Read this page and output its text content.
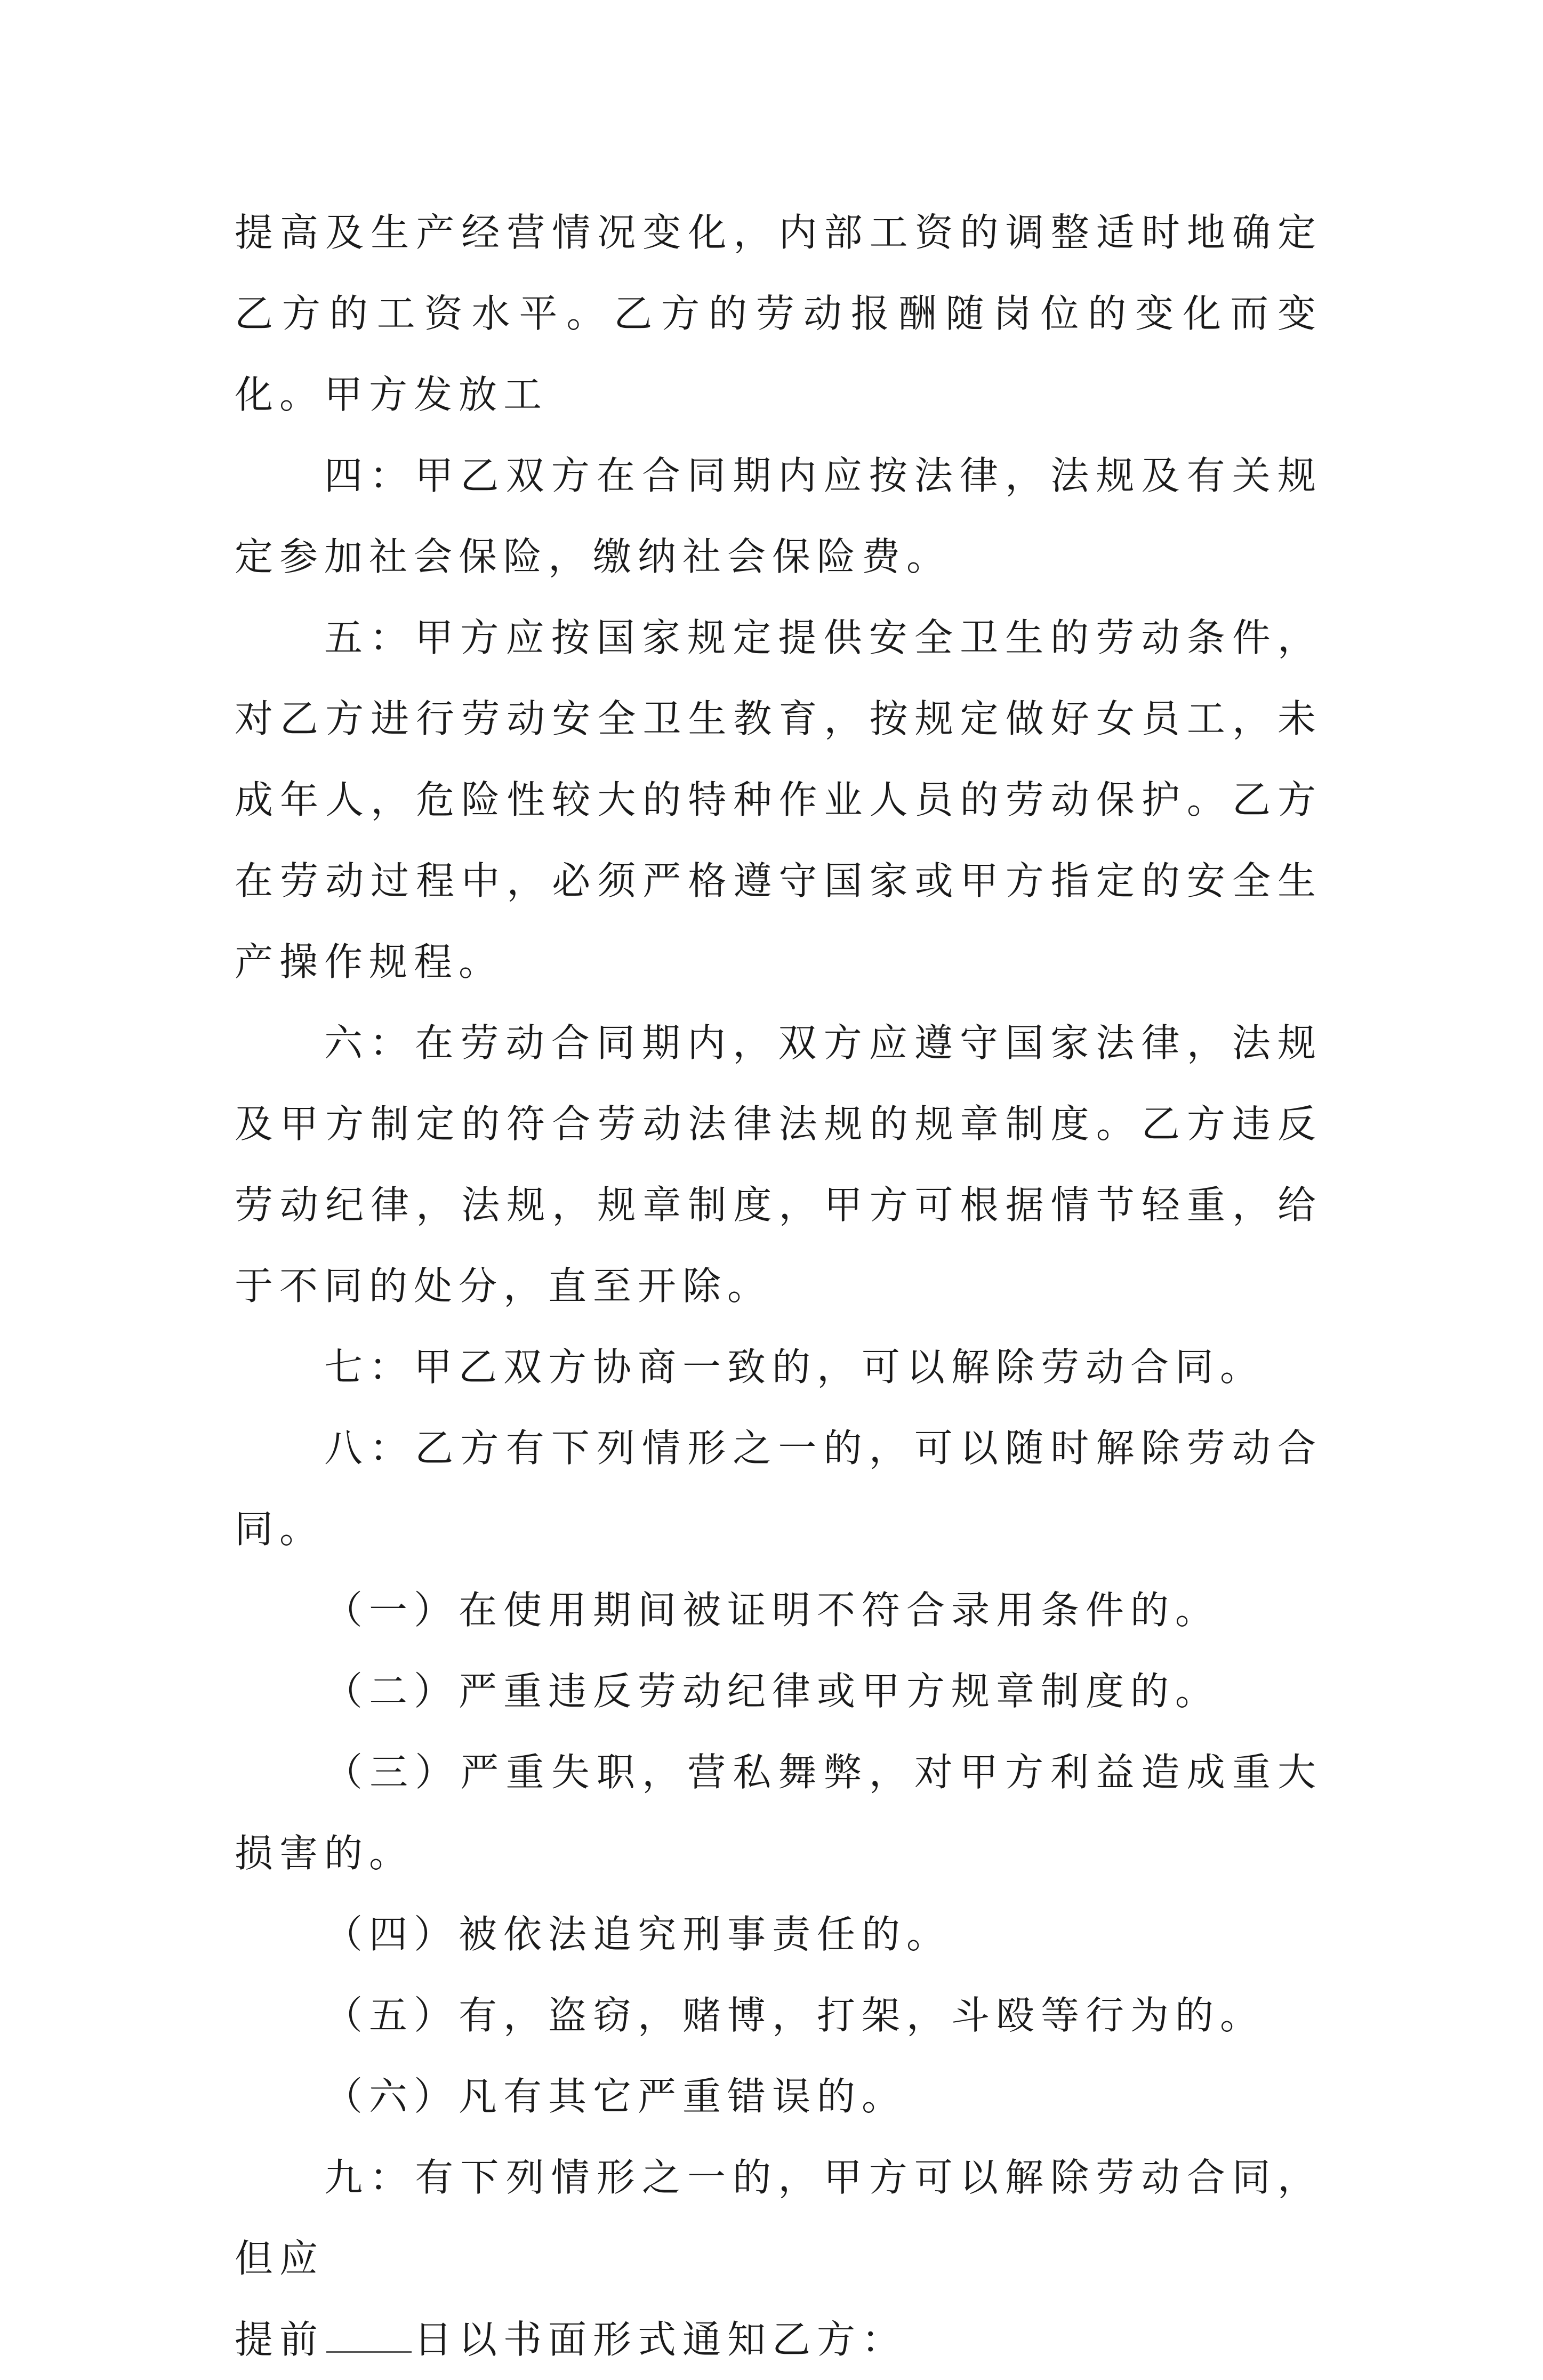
提高及生产经营情况变化，内部工资的调整适时地确定乙方的工资水平。乙方的劳动报酬随岗位的变化而变化。甲方发放工

四：甲乙双方在合同期内应按法律，法规及有关规定参加社会保险，缴纳社会保险费。

五：甲方应按国家规定提供安全卫生的劳动条件，对乙方进行劳动安全卫生教育，按规定做好女员工，未成年人，危险性较大的特种作业人员的劳动保护。乙方在劳动过程中，必须严格遵守国家或甲方指定的安全生产操作规程。

六：在劳动合同期内，双方应遵守国家法律，法规及甲方制定的符合劳动法律法规的规章制度。乙方违反劳动纪律，法规，规章制度，甲方可根据情节轻重，给于不同的处分，直至开除。

七：甲乙双方协商一致的，可以解除劳动合同。

八：乙方有下列情形之一的，可以随时解除劳动合同。

（一）在使用期间被证明不符合录用条件的。

（二）严重违反劳动纪律或甲方规章制度的。

（三）严重失职，营私舞弊，对甲方利益造成重大损害的。

（四）被依法追究刑事责任的。

（五）有，盗窃，赌博，打架，斗殴等行为的。

（六）凡有其它严重错误的。

九：有下列情形之一的，甲方可以解除劳动合同，但应

提前 日以书面形式通知乙方：
